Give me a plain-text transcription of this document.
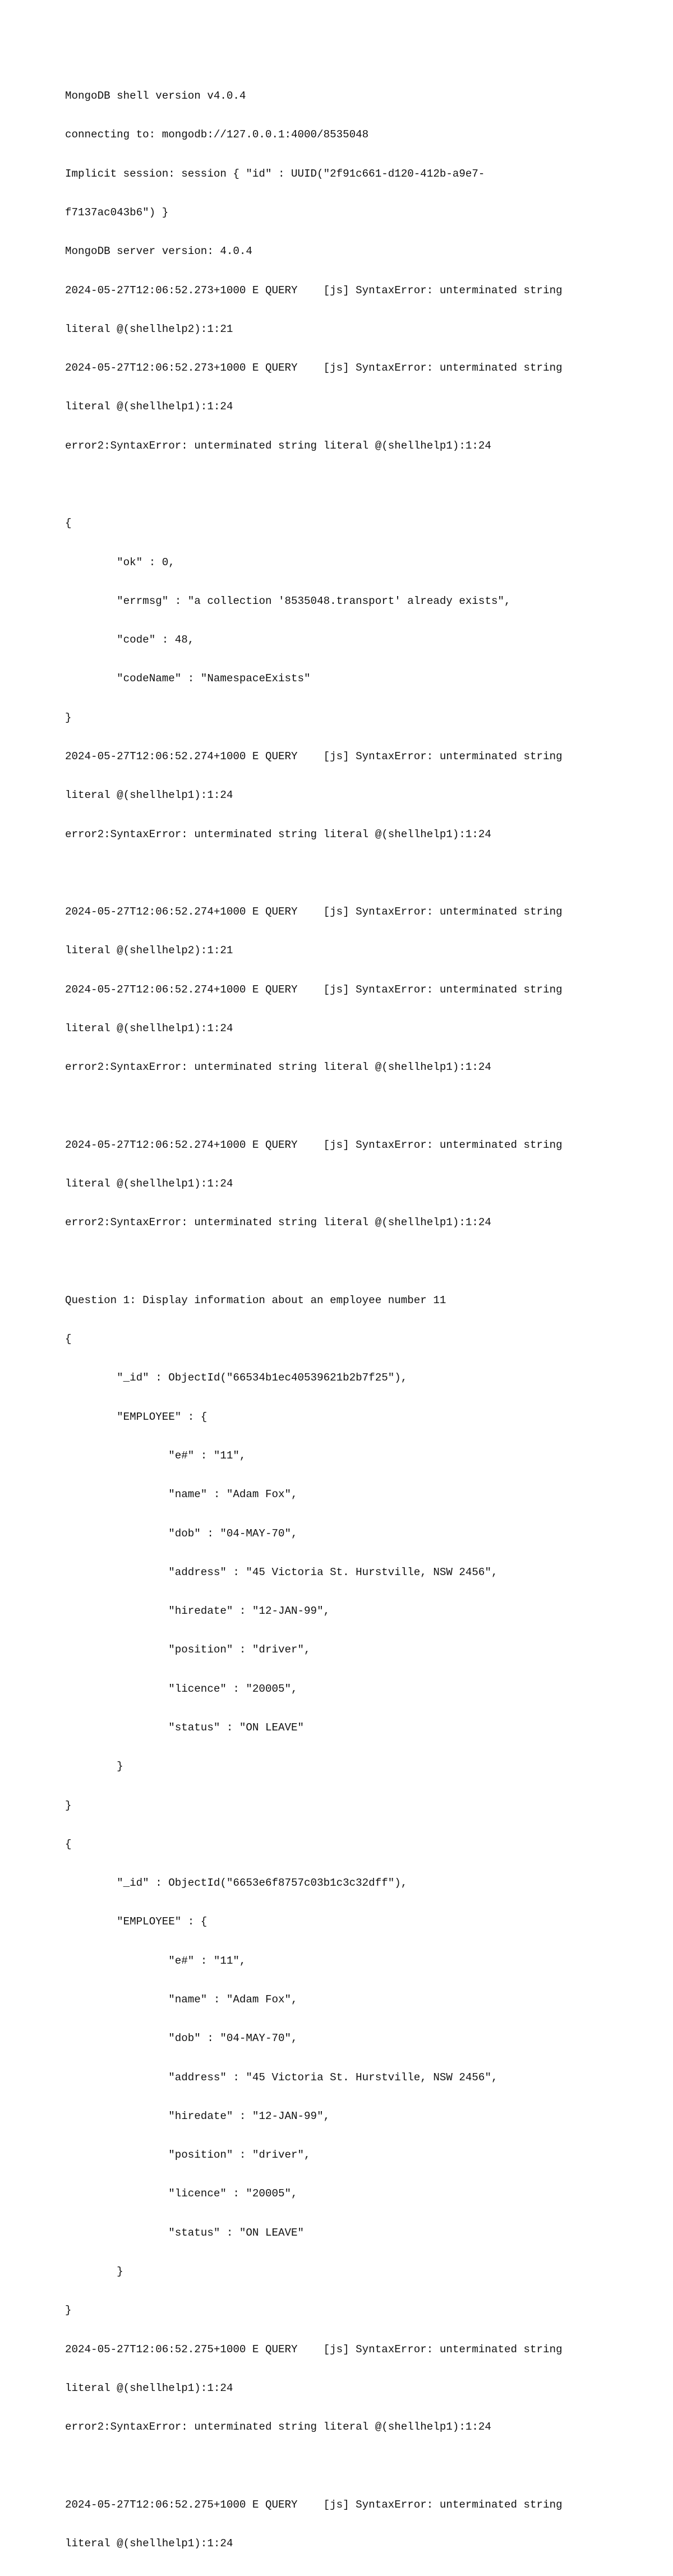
MongoDB shell version v4.0.4

connecting to: mongodb://127.0.0.1:4000/8535048

Implicit session: session { "id" : UUID("2f91c661-d120-412b-a9e7-

f7137ac043b6") }

MongoDB server version: 4.0.4

2024-05-27T12:06:52.273+1000 E QUERY    [js] SyntaxError: unterminated string

literal @(shellhelp2):1:21

2024-05-27T12:06:52.273+1000 E QUERY    [js] SyntaxError: unterminated string

literal @(shellhelp1):1:24

error2:SyntaxError: unterminated string literal @(shellhelp1):1:24

{

	"ok" : 0,

	"errmsg" : "a collection '8535048.transport' already exists",

	"code" : 48,

	"codeName" : "NamespaceExists"

}

2024-05-27T12:06:52.274+1000 E QUERY    [js] SyntaxError: unterminated string

literal @(shellhelp1):1:24

error2:SyntaxError: unterminated string literal @(shellhelp1):1:24

2024-05-27T12:06:52.274+1000 E QUERY    [js] SyntaxError: unterminated string

literal @(shellhelp2):1:21

2024-05-27T12:06:52.274+1000 E QUERY    [js] SyntaxError: unterminated string

literal @(shellhelp1):1:24

error2:SyntaxError: unterminated string literal @(shellhelp1):1:24

2024-05-27T12:06:52.274+1000 E QUERY    [js] SyntaxError: unterminated string

literal @(shellhelp1):1:24

error2:SyntaxError: unterminated string literal @(shellhelp1):1:24

Question 1: Display information about an employee number 11

{

	"_id" : ObjectId("66534b1ec40539621b2b7f25"),

	"EMPLOYEE" : {

		"e#" : "11",

		"name" : "Adam Fox",

		"dob" : "04-MAY-70",

		"address" : "45 Victoria St. Hurstville, NSW 2456",

		"hiredate" : "12-JAN-99",

		"position" : "driver",

		"licence" : "20005",

		"status" : "ON LEAVE"

	}

}

{

	"_id" : ObjectId("6653e6f8757c03b1c3c32dff"),

	"EMPLOYEE" : {

		"e#" : "11",

		"name" : "Adam Fox",

		"dob" : "04-MAY-70",

		"address" : "45 Victoria St. Hurstville, NSW 2456",

		"hiredate" : "12-JAN-99",

		"position" : "driver",

		"licence" : "20005",

		"status" : "ON LEAVE"

	}

}

2024-05-27T12:06:52.275+1000 E QUERY    [js] SyntaxError: unterminated string

literal @(shellhelp1):1:24

error2:SyntaxError: unterminated string literal @(shellhelp1):1:24

2024-05-27T12:06:52.275+1000 E QUERY    [js] SyntaxError: unterminated string

literal @(shellhelp1):1:24
